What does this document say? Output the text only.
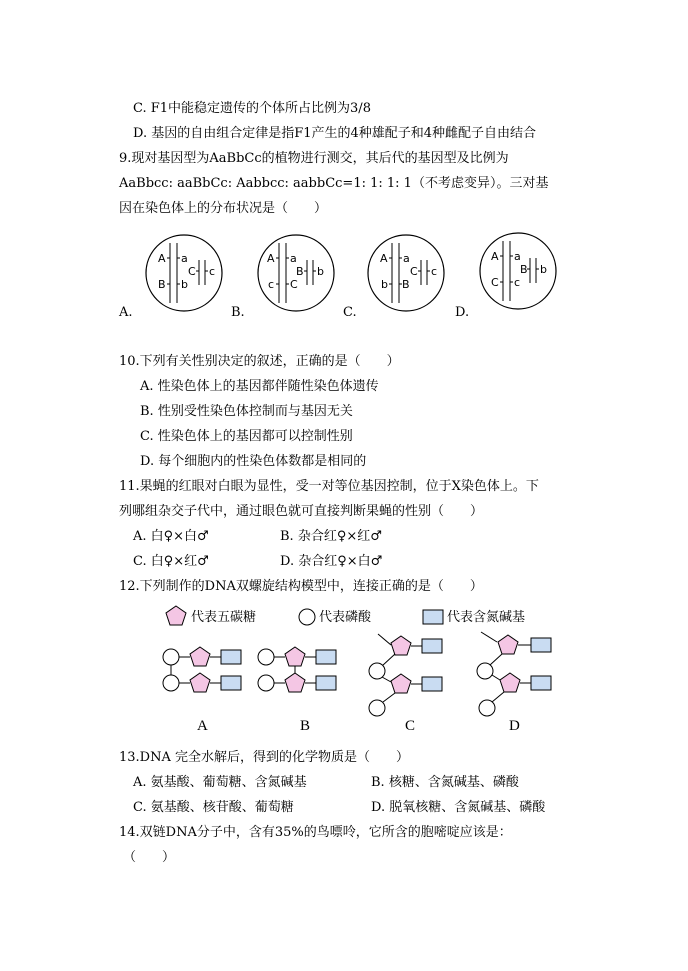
C. F1中能稳定遗传的个体所占比例为3/8
D. 基因的自由组合定律是指F1产生的4种雄配子和4种雌配子自由结合
9.现对基因型为AaBbCc的植物进行测交，其后代的基因型及比例为
AaBbcc: aaBbCc: Aabbcc: aabbCc=1: 1: 1: 1（不考虑变异）。三对基
因在染色体上的分布状况是（　　）
A
B
a
b
C c
A
c
a
C
B b
A
b
a
B
C c
A
C
a
c
B b
A.	B.	C.	D.
10.下列有关性别决定的叙述，正确的是（　　）
A. 性染色体上的基因都伴随性染色体遗传
B. 性别受性染色体控制而与基因无关
C. 性染色体上的基因都可以控制性别
D. 每个细胞内的性染色体数都是相同的
11.果蝇的红眼对白眼为显性，受一对等位基因控制，位于X染色体上。下
列哪组杂交子代中，通过眼色就可直接判断果蝇的性别（　　）
A. 白♀×白♂	B. 杂合红♀×红♂
C. 白♀×红♂	D. 杂合红♀×白♂
12.下列制作的DNA双螺旋结构模型中，连接正确的是（　　）
代表五碳糖	代表磷酸	代表含氮碱基
A	B	C	D
13.DNA 完全水解后，得到的化学物质是（　　）
A. 氨基酸、葡萄糖、含氮碱基	B. 核糖、含氮碱基、磷酸
C. 氨基酸、核苷酸、葡萄糖	D. 脱氧核糖、含氮碱基、磷酸
14.双链DNA分子中，含有35%的鸟嘌呤，它所含的胞嘧啶应该是：
（　　）
